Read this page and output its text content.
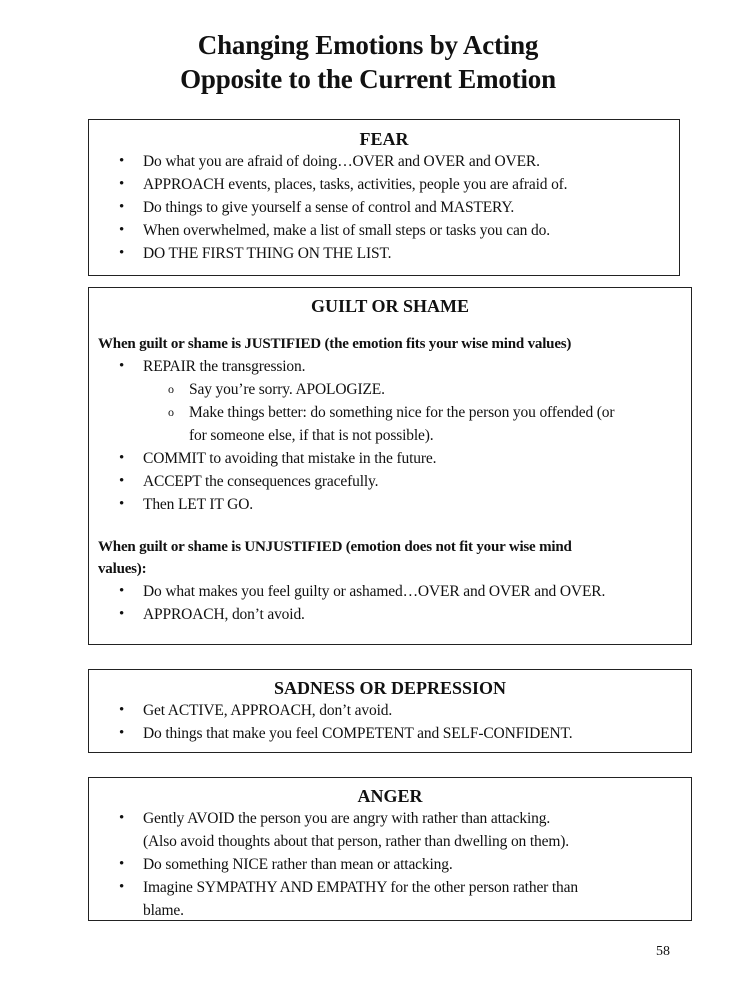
Changing Emotions by Acting
Opposite to the Current Emotion
FEAR
• Do what you are afraid of doing…OVER and OVER and OVER.
• APPROACH events, places, tasks, activities, people you are afraid of.
• Do things to give yourself a sense of control and MASTERY.
• When overwhelmed, make a list of small steps or tasks you can do.
• DO THE FIRST THING ON THE LIST.
GUILT OR SHAME
When guilt or shame is JUSTIFIED (the emotion fits your wise mind values)
• REPAIR the transgression.
o Say you’re sorry. APOLOGIZE.
o Make things better: do something nice for the person you offended (or
for someone else, if that is not possible).
• COMMIT to avoiding that mistake in the future.
• ACCEPT the consequences gracefully.
• Then LET IT GO.
When guilt or shame is UNJUSTIFIED (emotion does not fit your wise mind
values):
• Do what makes you feel guilty or ashamed…OVER and OVER and OVER.
• APPROACH, don’t avoid.
SADNESS OR DEPRESSION
• Get ACTIVE, APPROACH, don’t avoid.
• Do things that make you feel COMPETENT and SELF-CONFIDENT.
ANGER
• Gently AVOID the person you are angry with rather than attacking.
(Also avoid thoughts about that person, rather than dwelling on them).
• Do something NICE rather than mean or attacking.
• Imagine SYMPATHY AND EMPATHY for the other person rather than
blame.
58
